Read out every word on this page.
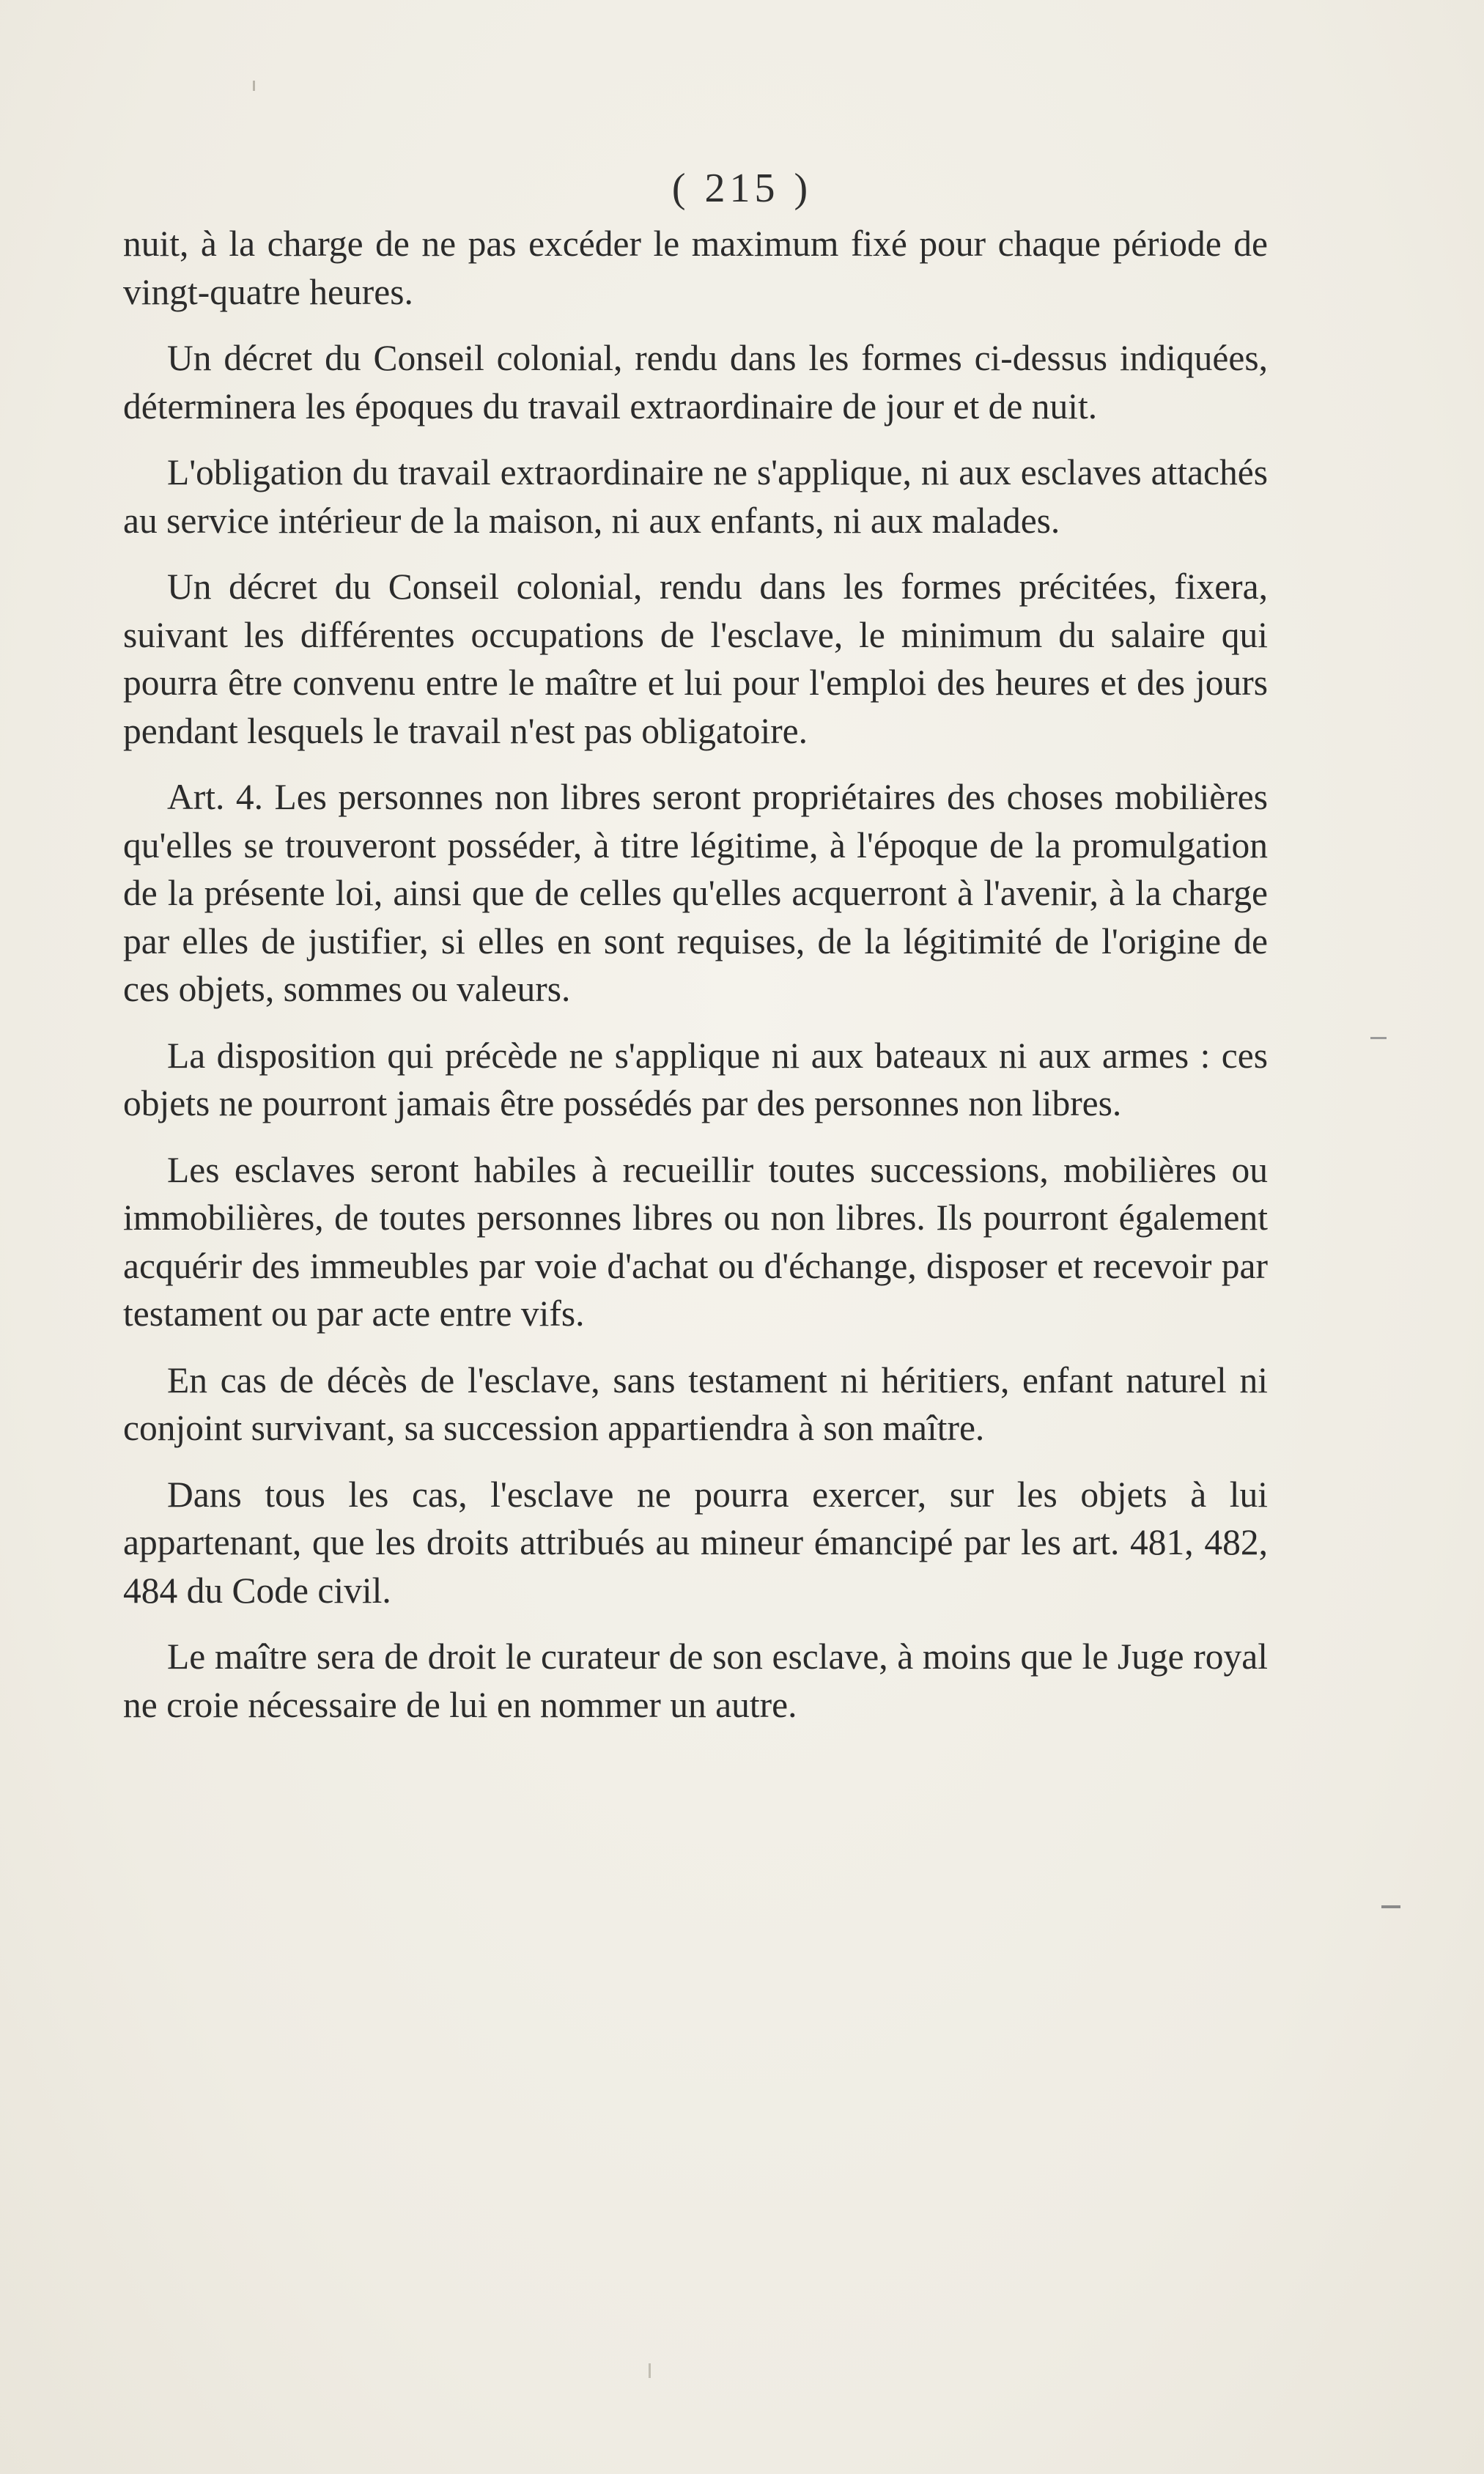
( 215 )

nuit, à la charge de ne pas excéder le maximum fixé pour chaque période de vingt-quatre heures.

Un décret du Conseil colonial, rendu dans les formes ci-dessus indiquées, déterminera les époques du travail extraordinaire de jour et de nuit.

L'obligation du travail extraordinaire ne s'applique, ni aux esclaves attachés au service intérieur de la maison, ni aux enfants, ni aux malades.

Un décret du Conseil colonial, rendu dans les formes précitées, fixera, suivant les différentes occupations de l'esclave, le minimum du salaire qui pourra être convenu entre le maître et lui pour l'emploi des heures et des jours pendant lesquels le travail n'est pas obligatoire.

Art. 4. Les personnes non libres seront propriétaires des choses mobilières qu'elles se trouveront posséder, à titre légitime, à l'époque de la promulgation de la présente loi, ainsi que de celles qu'elles acquerront à l'avenir, à la charge par elles de justifier, si elles en sont requises, de la légitimité de l'origine de ces objets, sommes ou valeurs.

La disposition qui précède ne s'applique ni aux bateaux ni aux armes : ces objets ne pourront jamais être possédés par des personnes non libres.

Les esclaves seront habiles à recueillir toutes successions, mobilières ou immobilières, de toutes personnes libres ou non libres. Ils pourront également acquérir des immeubles par voie d'achat ou d'échange, disposer et recevoir par testament ou par acte entre vifs.

En cas de décès de l'esclave, sans testament ni héritiers, enfant naturel ni conjoint survivant, sa succession appartiendra à son maître.

Dans tous les cas, l'esclave ne pourra exercer, sur les objets à lui appartenant, que les droits attribués au mineur émancipé par les art. 481, 482, 484 du Code civil.

Le maître sera de droit le curateur de son esclave, à moins que le Juge royal ne croie nécessaire de lui en nommer un autre.
